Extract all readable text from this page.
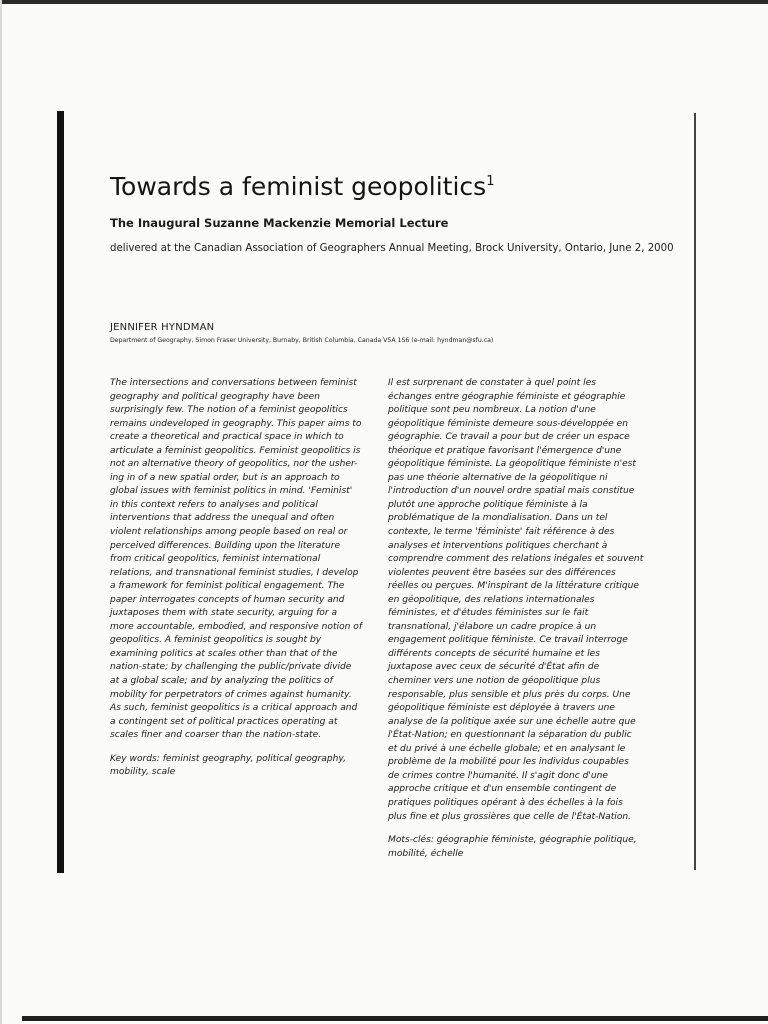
Towards a feminist geopolitics$^1$

The Inaugural Suzanne Mackenzie Memorial Lecture

delivered at the Canadian Association of Geographers Annual Meeting, Brock University, Ontario, June 2, 2000

JENNIFER HYNDMAN

Department of Geography, Simon Fraser University, Burnaby, British Columbia, Canada V5A 1S6 (e-mail: hyndman@sfu.ca)

The intersections and conversations between feminist
geography and political geography have been
surprisingly few. The notion of a feminist geopolitics
remains undeveloped in geography. This paper aims to
create a theoretical and practical space in which to
articulate a feminist geopolitics. Feminist geopolitics is
not an alternative theory of geopolitics, nor the usher-
ing in of a new spatial order, but is an approach to
global issues with feminist politics in mind. 'Feminist'
in this context refers to analyses and political
interventions that address the unequal and often
violent relationships among people based on real or
perceived differences. Building upon the literature
from critical geopolitics, feminist international
relations, and transnational feminist studies, I develop
a framework for feminist political engagement. The
paper interrogates concepts of human security and
juxtaposes them with state security, arguing for a
more accountable, embodied, and responsive notion of
geopolitics. A feminist geopolitics is sought by
examining politics at scales other than that of the
nation-state; by challenging the public/private divide
at a global scale; and by analyzing the politics of
mobility for perpetrators of crimes against humanity.
As such, feminist geopolitics is a critical approach and
a contingent set of political practices operating at
scales finer and coarser than the nation-state.
Key words: feminist geography, political geography,
mobility, scale
Il est surprenant de constater à quel point les
échanges entre géographie féministe et géographie
politique sont peu nombreux. La notion d'une
géopolitique féministe demeure sous-développée en
géographie. Ce travail a pour but de créer un espace
théorique et pratique favorisant l'émergence d'une
géopolitique féministe. La géopolitique féministe n'est
pas une théorie alternative de la géopolitique ni
l'introduction d'un nouvel ordre spatial mais constitue
plutôt une approche politique féministe à la
problématique de la mondialisation. Dans un tel
contexte, le terme 'féministe' fait référence à des
analyses et interventions politiques cherchant à
comprendre comment des relations inégales et souvent
violentes peuvent être basées sur des différences
réelles ou perçues. M'inspirant de la littérature critique
en géopolitique, des relations internationales
féministes, et d'études féministes sur le fait
transnational, j'élabore un cadre propice à un
engagement politique féministe. Ce travail interroge
différents concepts de sécurité humaine et les
juxtapose avec ceux de sécurité d'État afin de
cheminer vers une notion de géopolitique plus
responsable, plus sensible et plus près du corps. Une
géopolitique féministe est déployée à travers une
analyse de la politique axée sur une échelle autre que
l'État-Nation; en questionnant la séparation du public
et du privé à une échelle globale; et en analysant le
problème de la mobilité pour les individus coupables
de crimes contre l'humanité. Il s'agit donc d'une
approche critique et d'un ensemble contingent de
pratiques politiques opérant à des échelles à la fois
plus fine et plus grossières que celle de l'État-Nation.
Mots-clés: géographie féministe, géographie politique,
mobilité, échelle
